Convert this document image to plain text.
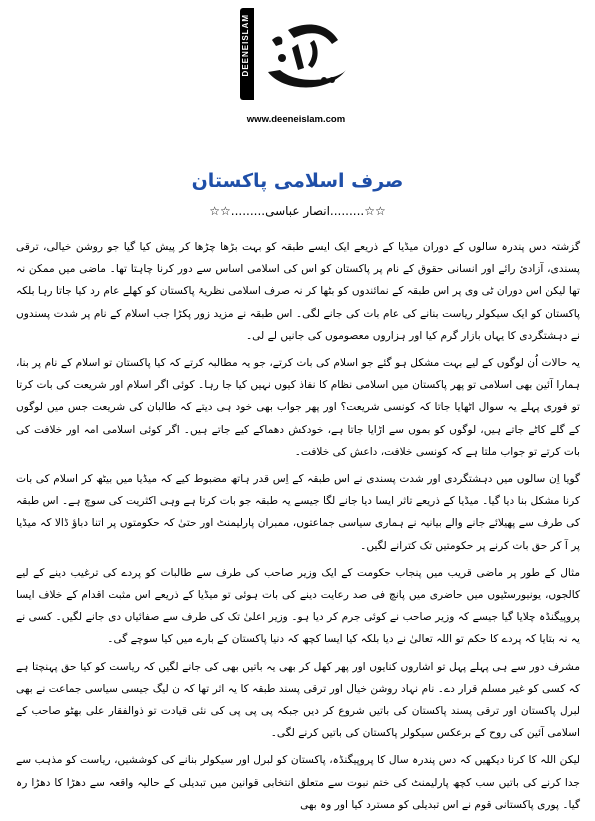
DEENEISLAM
www.deeneislam.com
صرف اسلامی پاکستان
☆☆.........انصار عباسی.........☆☆

گزشتہ دس پندرہ سالوں کے دوران میڈیا کے ذریعے ایک ایسے طبقہ کو بہت بڑھا چڑھا کر پیش کیا گیا جو روشن خیالی، ترقی پسندی، آزادئ رائے اور انسانی حقوق کے نام پر پاکستان کو اس کی اسلامی اساس سے دور کرنا چاہتا تھا۔ ماضی میں ممکن نہ تھا لیکن اس دوران ٹی وی پر اس طبقہ کے نمائندوں کو بٹھا کر نہ صرف اسلامی نظریۂ پاکستان کو کھلے عام رد کیا جاتا رہا بلکہ پاکستان کو ایک سیکولر ریاست بنانے کی عام بات کی جانے لگی۔ اس طبقہ نے مزید زور پکڑا جب اسلام کے نام پر شدت پسندوں نے دہشتگردی کا یہاں بازار گرم کیا اور ہزاروں معصوموں کی جانیں لے لی۔

یہ حالات اُن لوگوں کے لیے بہت مشکل ہو گئے جو اسلام کی بات کرتے، جو یہ مطالبہ کرتے کہ کیا پاکستان تو اسلام کے نام پر بنا، ہمارا آئین بھی اسلامی تو پھر پاکستان میں اسلامی نظام کا نفاذ کیوں نہیں کیا جا رہا۔ کوئی اگر اسلام اور شریعت کی بات کرتا تو فوری پہلے یہ سوال اٹھایا جاتا کہ کونسی شریعت؟ اور پھر جواب بھی خود ہی دیتے کہ طالبان کی شریعت جس میں لوگوں کے گلے کاٹے جاتے ہیں، لوگوں کو بموں سے اڑایا جاتا ہے، خودکش دھماکے کیے جاتے ہیں۔ اگر کوئی اسلامی امہ اور خلافت کی بات کرتے تو جواب ملتا ہے کہ کونسی خلافت، داعش کی خلافت۔

گویا اِن سالوں میں دہشتگردی اور شدت پسندی نے اس طبقہ کے اِس قدر ہاتھ مضبوط کیے کہ میڈیا میں بیٹھ کر اسلام کی بات کرنا مشکل بنا دیا گیا۔ میڈیا کے ذریعے تاثر ایسا دیا جانے لگا جیسے یہ طبقہ جو بات کرتا ہے وہی اکثریت کی سوچ ہے۔ اس طبقہ کی طرف سے پھیلائے جانے والے بیانیہ نے ہماری سیاسی جماعتوں، ممبران پارلیمنٹ اور حتیٰ کہ حکومتوں پر اتنا دباؤ ڈالا کہ میڈیا پر آ کر حق بات کرنے پر حکومتیں تک کترانے لگیں۔

مثال کے طور پر ماضی قریب میں پنجاب حکومت کے ایک وزیر صاحب کی طرف سے طالبات کو پردے کی ترغیب دینے کے لیے کالجوں، یونیورسٹیوں میں حاضری میں پانچ فی صد رعایت دینے کی بات ہوئی تو میڈیا کے ذریعے اس مثبت اقدام کے خلاف ایسا پروپیگنڈہ چلایا گیا جیسے کہ وزیر صاحب نے کوئی جرم کر دیا ہو۔ وزیر اعلیٰ تک کی طرف سے صفائیاں دی جانے لگیں۔ کسی نے یہ نہ بتایا کہ پردے کا حکم تو اللہ تعالیٰ نے دیا بلکہ کیا ایسا کچھ کہ دنیا پاکستان کے بارے میں کیا سوچے گی۔

مشرف دور سے ہی پہلے پہل تو اشاروں کنایوں اور پھر کھل کر بھی یہ باتیں بھی کی جانے لگیں کہ ریاست کو کیا حق پہنچتا ہے کہ کسی کو غیر مسلم قرار دے۔ نام نہاد روشن خیال اور ترقی پسند طبقہ کا یہ اثر تھا کہ ن لیگ جیسی سیاسی جماعت نے بھی لبرل پاکستان اور ترقی پسند پاکستان کی باتیں شروع کر دیں جبکہ پی پی پی کی نئی قیادت تو ذوالفقار علی بھٹو صاحب کے اسلامی آئین کی روح کے برعکس سیکولر پاکستان کی باتیں کرنے لگی۔

لیکن اللہ کا کرنا دیکھیں کہ دس پندرہ سال کا پروپیگنڈہ، پاکستان کو لبرل اور سیکولر بنانے کی کوششیں، ریاست کو مذہب سے جدا کرنے کی باتیں سب کچھ پارلیمنٹ کی ختم نبوت سے متعلق انتخابی قوانین میں تبدیلی کے حالیہ واقعہ سے دھڑا کا دھڑا رہ گیا۔ پوری پاکستانی قوم نے اس تبدیلی کو مسترد کیا اور وہ بھی
